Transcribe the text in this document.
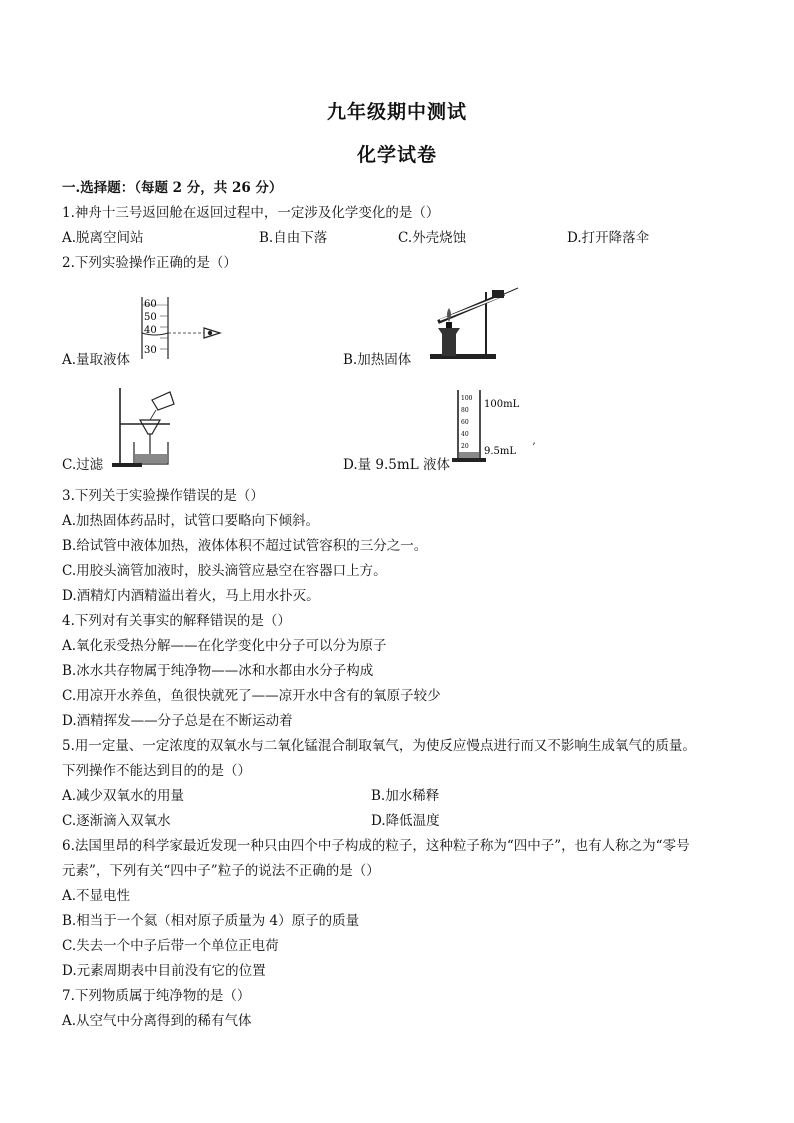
九年级期中测试
化学试卷
一.选择题：（每题 2 分，共 26 分）
1.神舟十三号返回舱在返回过程中，一定涉及化学变化的是（）
A.脱离空间站	B.自由下落	C.外壳烧蚀	D.打开降落伞
2.下列实验操作正确的是（）
60
50
40
30
A.量取液体	B.加热固体
C.过滤
100
80
60
40
20
100mL
9.5mL ʼ
D.量 9.5mL 液体
3.下列关于实验操作错误的是（）
A.加热固体药品时，试管口要略向下倾斜。
B.给试管中液体加热，液体体积不超过试管容积的三分之一。
C.用胶头滴管加液时，胶头滴管应悬空在容器口上方。
D.酒精灯内酒精溢出着火，马上用水扑灭。
4.下列对有关事实的解释错误的是（）
A.氧化汞受热分解——在化学变化中分子可以分为原子
B.冰水共存物属于纯净物——冰和水都由水分子构成
C.用凉开水养鱼，鱼很快就死了——凉开水中含有的氧原子较少
D.酒精挥发——分子总是在不断运动着
5.用一定量、一定浓度的双氧水与二氧化锰混合制取氧气，为使反应慢点进行而又不影响生成氧气的质量。
下列操作不能达到目的的是（）
A.减少双氧水的用量	B.加水稀释
C.逐渐滴入双氧水	D.降低温度
6.法国里昂的科学家最近发现一种只由四个中子构成的粒子，这种粒子称为“四中子”，也有人称之为“零号
元素”，下列有关“四中子”粒子的说法不正确的是（）
A.不显电性
B.相当于一个氦（相对原子质量为 4）原子的质量
C.失去一个中子后带一个单位正电荷
D.元素周期表中目前没有它的位置
7.下列物质属于纯净物的是（）
A.从空气中分离得到的稀有气体
